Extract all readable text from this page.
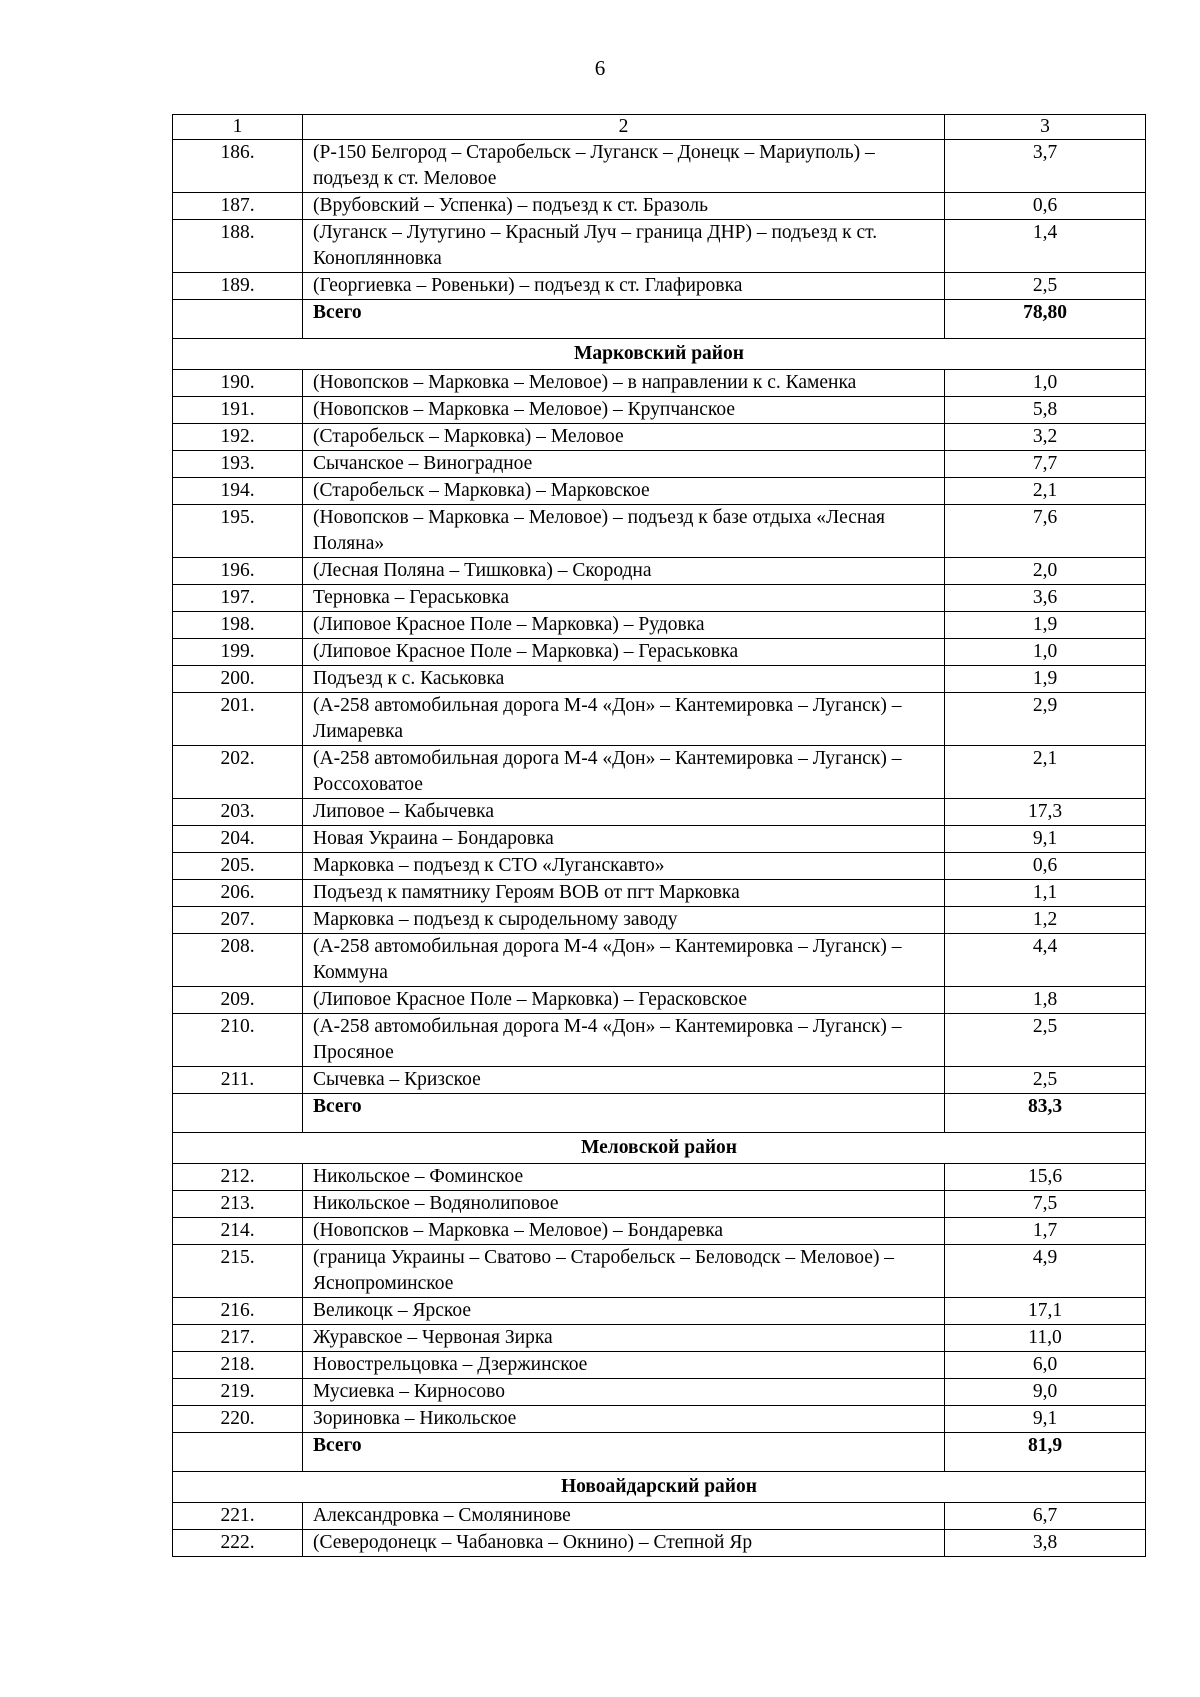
6
1	2	3
186.	(Р-150 Белгород – Старобельск – Луганск – Донецк – Мариуполь) – подъезд к ст. Меловое	3,7
187.	(Врубовский – Успенка) – подъезд к ст. Бразоль	0,6
188.	(Луганск – Лутугино – Красный Луч – граница ДНР) – подъезд к ст. Коноплянновка	1,4
189.	(Георгиевка – Ровеньки) – подъезд к ст. Глафировка	2,5
	Всего	78,80
Марковский район		
190.	(Новопсков – Марковка – Меловое) – в направлении к с. Каменка	1,0
191.	(Новопсков – Марковка – Меловое) – Крупчанское	5,8
192.	(Старобельск – Марковка) – Меловое	3,2
193.	Сычанское – Виноградное	7,7
194.	(Старобельск – Марковка) – Марковское	2,1
195.	(Новопсков – Марковка – Меловое) – подъезд к базе отдыха «Лесная Поляна»	7,6
196.	(Лесная Поляна – Тишковка) – Скородна	2,0
197.	Терновка – Гераськовка	3,6
198.	(Липовое Красное Поле – Марковка) – Рудовка	1,9
199.	(Липовое Красное Поле – Марковка) – Гераськовка	1,0
200.	Подъезд к с. Каськовка	1,9
201.	(А-258 автомобильная дорога М-4 «Дон» – Кантемировка – Луганск) – Лимаревка	2,9
202.	(А-258 автомобильная дорога М-4 «Дон» – Кантемировка – Луганск) – Россоховатое	2,1
203.	Липовое – Кабычевка	17,3
204.	Новая Украина – Бондаровка	9,1
205.	Марковка – подъезд к СТО «Луганскавто»	0,6
206.	Подъезд к памятнику Героям ВОВ от пгт Марковка	1,1
207.	Марковка – подъезд к сыродельному заводу	1,2
208.	(А-258 автомобильная дорога М-4 «Дон» – Кантемировка – Луганск) – Коммуна	4,4
209.	(Липовое Красное Поле – Марковка) – Герасковское	1,8
210.	(А-258 автомобильная дорога М-4 «Дон» – Кантемировка – Луганск) – Просяное	2,5
211.	Сычевка – Кризское	2,5
	Всего	83,3
Меловской район		
212.	Никольское – Фоминское	15,6
213.	Никольское – Водянолиповое	7,5
214.	(Новопсков – Марковка – Меловое) – Бондаревка	1,7
215.	(граница Украины – Сватово – Старобельск – Беловодск – Меловое) – Яснопроминское	4,9
216.	Великоцк – Ярское	17,1
217.	Журавское – Червоная Зирка	11,0
218.	Новострельцовка – Дзержинское	6,0
219.	Мусиевка – Кирносово	9,0
220.	Зориновка – Никольское	9,1
	Всего	81,9
Новоайдарский район		
221.	Александровка – Смолянинове	6,7
222.	(Северодонецк – Чабановка – Окнино) – Степной Яр	3,8
